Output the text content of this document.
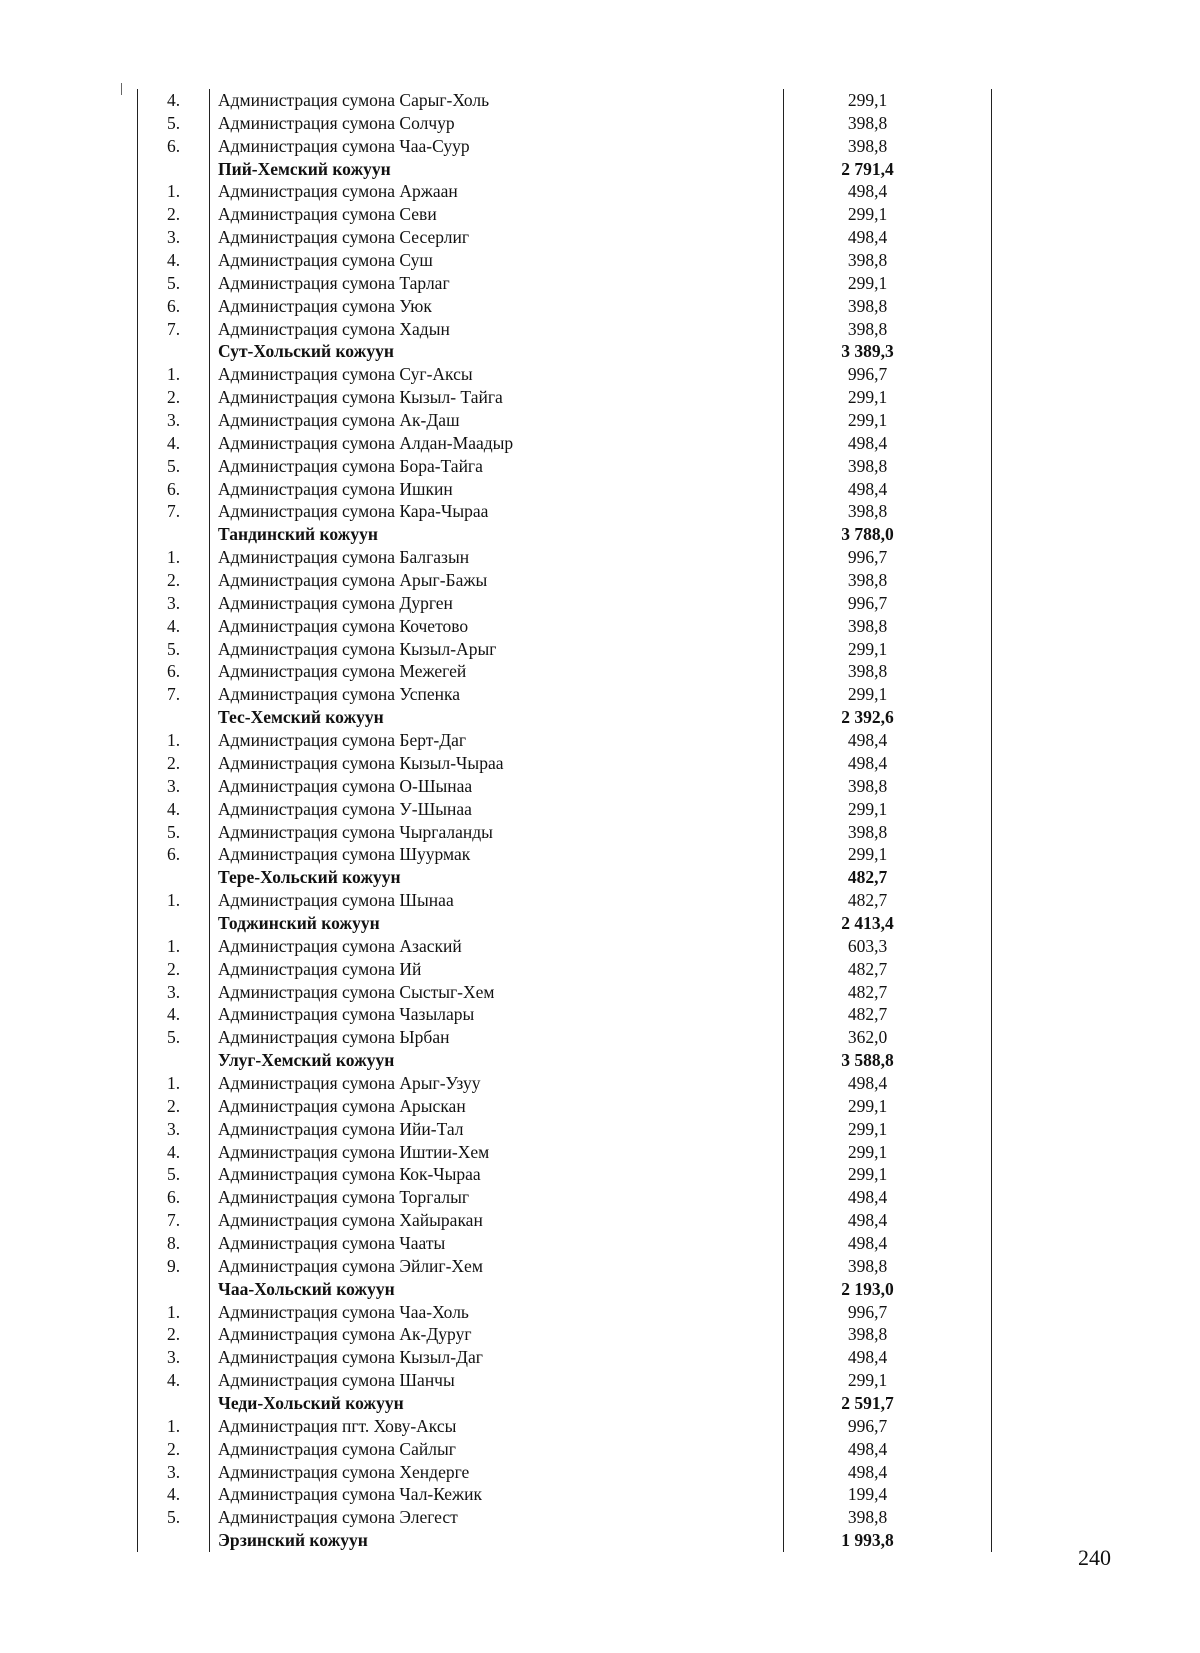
4.	Администрация сумона Сарыг-Холь	299,1
5.	Администрация сумона Солчур	398,8
6.	Администрация сумона Чаа-Суур	398,8
Пий-Хемский кожуун	2 791,4
1.	Администрация сумона Аржаан	498,4
2.	Администрация сумона Севи	299,1
3.	Администрация сумона Сесерлиг	498,4
4.	Администрация сумона Суш	398,8
5.	Администрация сумона Тарлаг	299,1
6.	Администрация сумона Уюк	398,8
7.	Администрация сумона Хадын	398,8
Сут-Хольский кожуун	3 389,3
1.	Администрация сумона Суг-Аксы	996,7
2.	Администрация сумона Кызыл- Тайга	299,1
3.	Администрация сумона Ак-Даш	299,1
4.	Администрация сумона Алдан-Маадыр	498,4
5.	Администрация сумона Бора-Тайга	398,8
6.	Администрация сумона Ишкин	498,4
7.	Администрация сумона Кара-Чыраа	398,8
Тандинский кожуун	3 788,0
1.	Администрация сумона Балгазын	996,7
2.	Администрация сумона Арыг-Бажы	398,8
3.	Администрация сумона Дурген	996,7
4.	Администрация сумона Кочетово	398,8
5.	Администрация сумона Кызыл-Арыг	299,1
6.	Администрация сумона Межегей	398,8
7.	Администрация сумона Успенка	299,1
Тес-Хемский кожуун	2 392,6
1.	Администрация сумона Берт-Даг	498,4
2.	Администрация сумона Кызыл-Чыраа	498,4
3.	Администрация сумона О-Шынаа	398,8
4.	Администрация сумона У-Шынаа	299,1
5.	Администрация сумона Чыргаланды	398,8
6.	Администрация сумона Шуурмак	299,1
Тере-Хольский кожуун	482,7
1.	Администрация сумона Шынаа	482,7
Тоджинский кожуун	2 413,4
1.	Администрация сумона Азаский	603,3
2.	Администрация сумона Ий	482,7
3.	Администрация сумона Сыстыг-Хем	482,7
4.	Администрация сумона Чазылары	482,7
5.	Администрация сумона Ырбан	362,0
Улуг-Хемский кожуун	3 588,8
1.	Администрация сумона Арыг-Узуу	498,4
2.	Администрация сумона Арыскан	299,1
3.	Администрация сумона Ийи-Тал	299,1
4.	Администрация сумона Иштии-Хем	299,1
5.	Администрация сумона Кок-Чыраа	299,1
6.	Администрация сумона Торгалыг	498,4
7.	Администрация сумона Хайыракан	498,4
8.	Администрация сумона Чааты	498,4
9.	Администрация сумона Эйлиг-Хем	398,8
Чаа-Хольский кожуун	2 193,0
1.	Администрация сумона Чаа-Холь	996,7
2.	Администрация сумона Ак-Дуруг	398,8
3.	Администрация сумона Кызыл-Даг	498,4
4.	Администрация сумона Шанчы	299,1
Чеди-Хольский кожуун	2 591,7
1.	Администрация пгт. Хову-Аксы	996,7
2.	Администрация сумона Сайлыг	498,4
3.	Администрация сумона Хендерге	498,4
4.	Администрация сумона Чал-Кежик	199,4
5.	Администрация сумона Элегест	398,8
Эрзинский кожуун	1 993,8
240
